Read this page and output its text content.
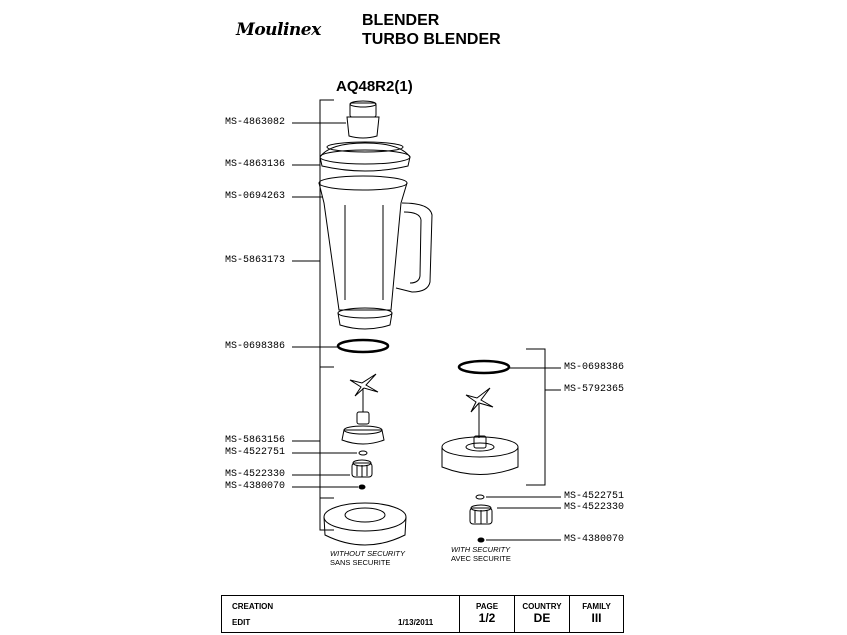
Moulinex	BLENDER
TURBO BLENDER
AQ48R2(1)
MS-4863082
MS-4863136
MS-0694263
MS-5863173
MS-0698386
MS-5863156
MS-4522751
MS-4522330
MS-4380070
MS-0698386
MS-5792365
MS-4522751
MS-4522330
MS-4380070
WITHOUT SECURITY
SANS SECURITE
WITH SECURITY
AVEC SECURITE
CREATION
EDIT	1/13/2011
PAGE
1/2
COUNTRY
DE
FAMILY
III
